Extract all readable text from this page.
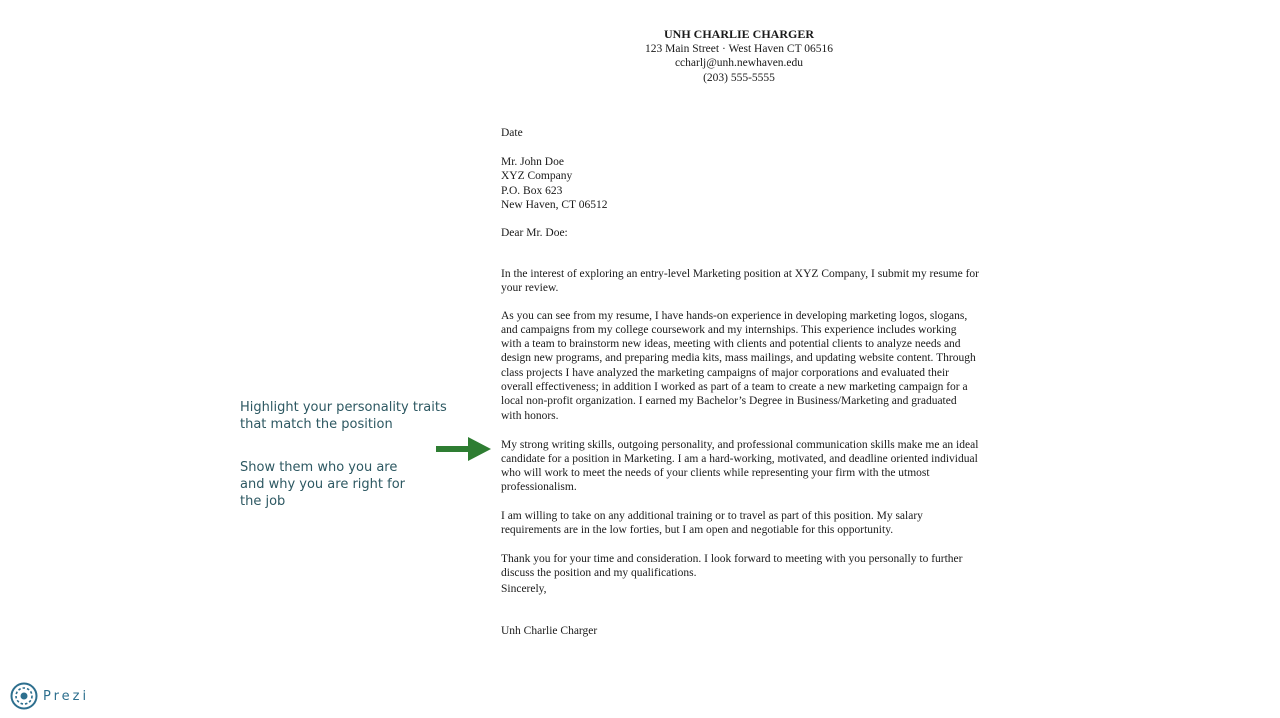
UNH CHARLIE CHARGER
123 Main Street · West Haven CT 06516
ccharlj@unh.newhaven.edu
(203) 555-5555
Date
Mr. John Doe
XYZ Company
P.O. Box 623
New Haven, CT 06512
Dear Mr. Doe:

In the interest of exploring an entry-level Marketing position at XYZ Company, I submit my resume for your review.

As you can see from my resume, I have hands-on experience in developing marketing logos, slogans, and campaigns from my college coursework and my internships. This experience includes working with a team to brainstorm new ideas, meeting with clients and potential clients to analyze needs and design new programs, and preparing media kits, mass mailings, and updating website content. Through class projects I have analyzed the marketing campaigns of major corporations and evaluated their overall effectiveness; in addition I worked as part of a team to create a new marketing campaign for a local non-profit organization. I earned my Bachelor’s Degree in Business/Marketing and graduated with honors.

My strong writing skills, outgoing personality, and professional communication skills make me an ideal candidate for a position in Marketing. I am a hard-working, motivated, and deadline oriented individual who will work to meet the needs of your clients while representing your firm with the utmost professionalism.

I am willing to take on any additional training or to travel as part of this position. My salary requirements are in the low forties, but I am open and negotiable for this opportunity.

Thank you for your time and consideration. I look forward to meeting with you personally to further discuss the position and my qualifications.

Sincerely,
Unh Charlie Charger
Highlight your personality traits
that match the position
Show them who you are
and why you are right for
the job
Prezi
